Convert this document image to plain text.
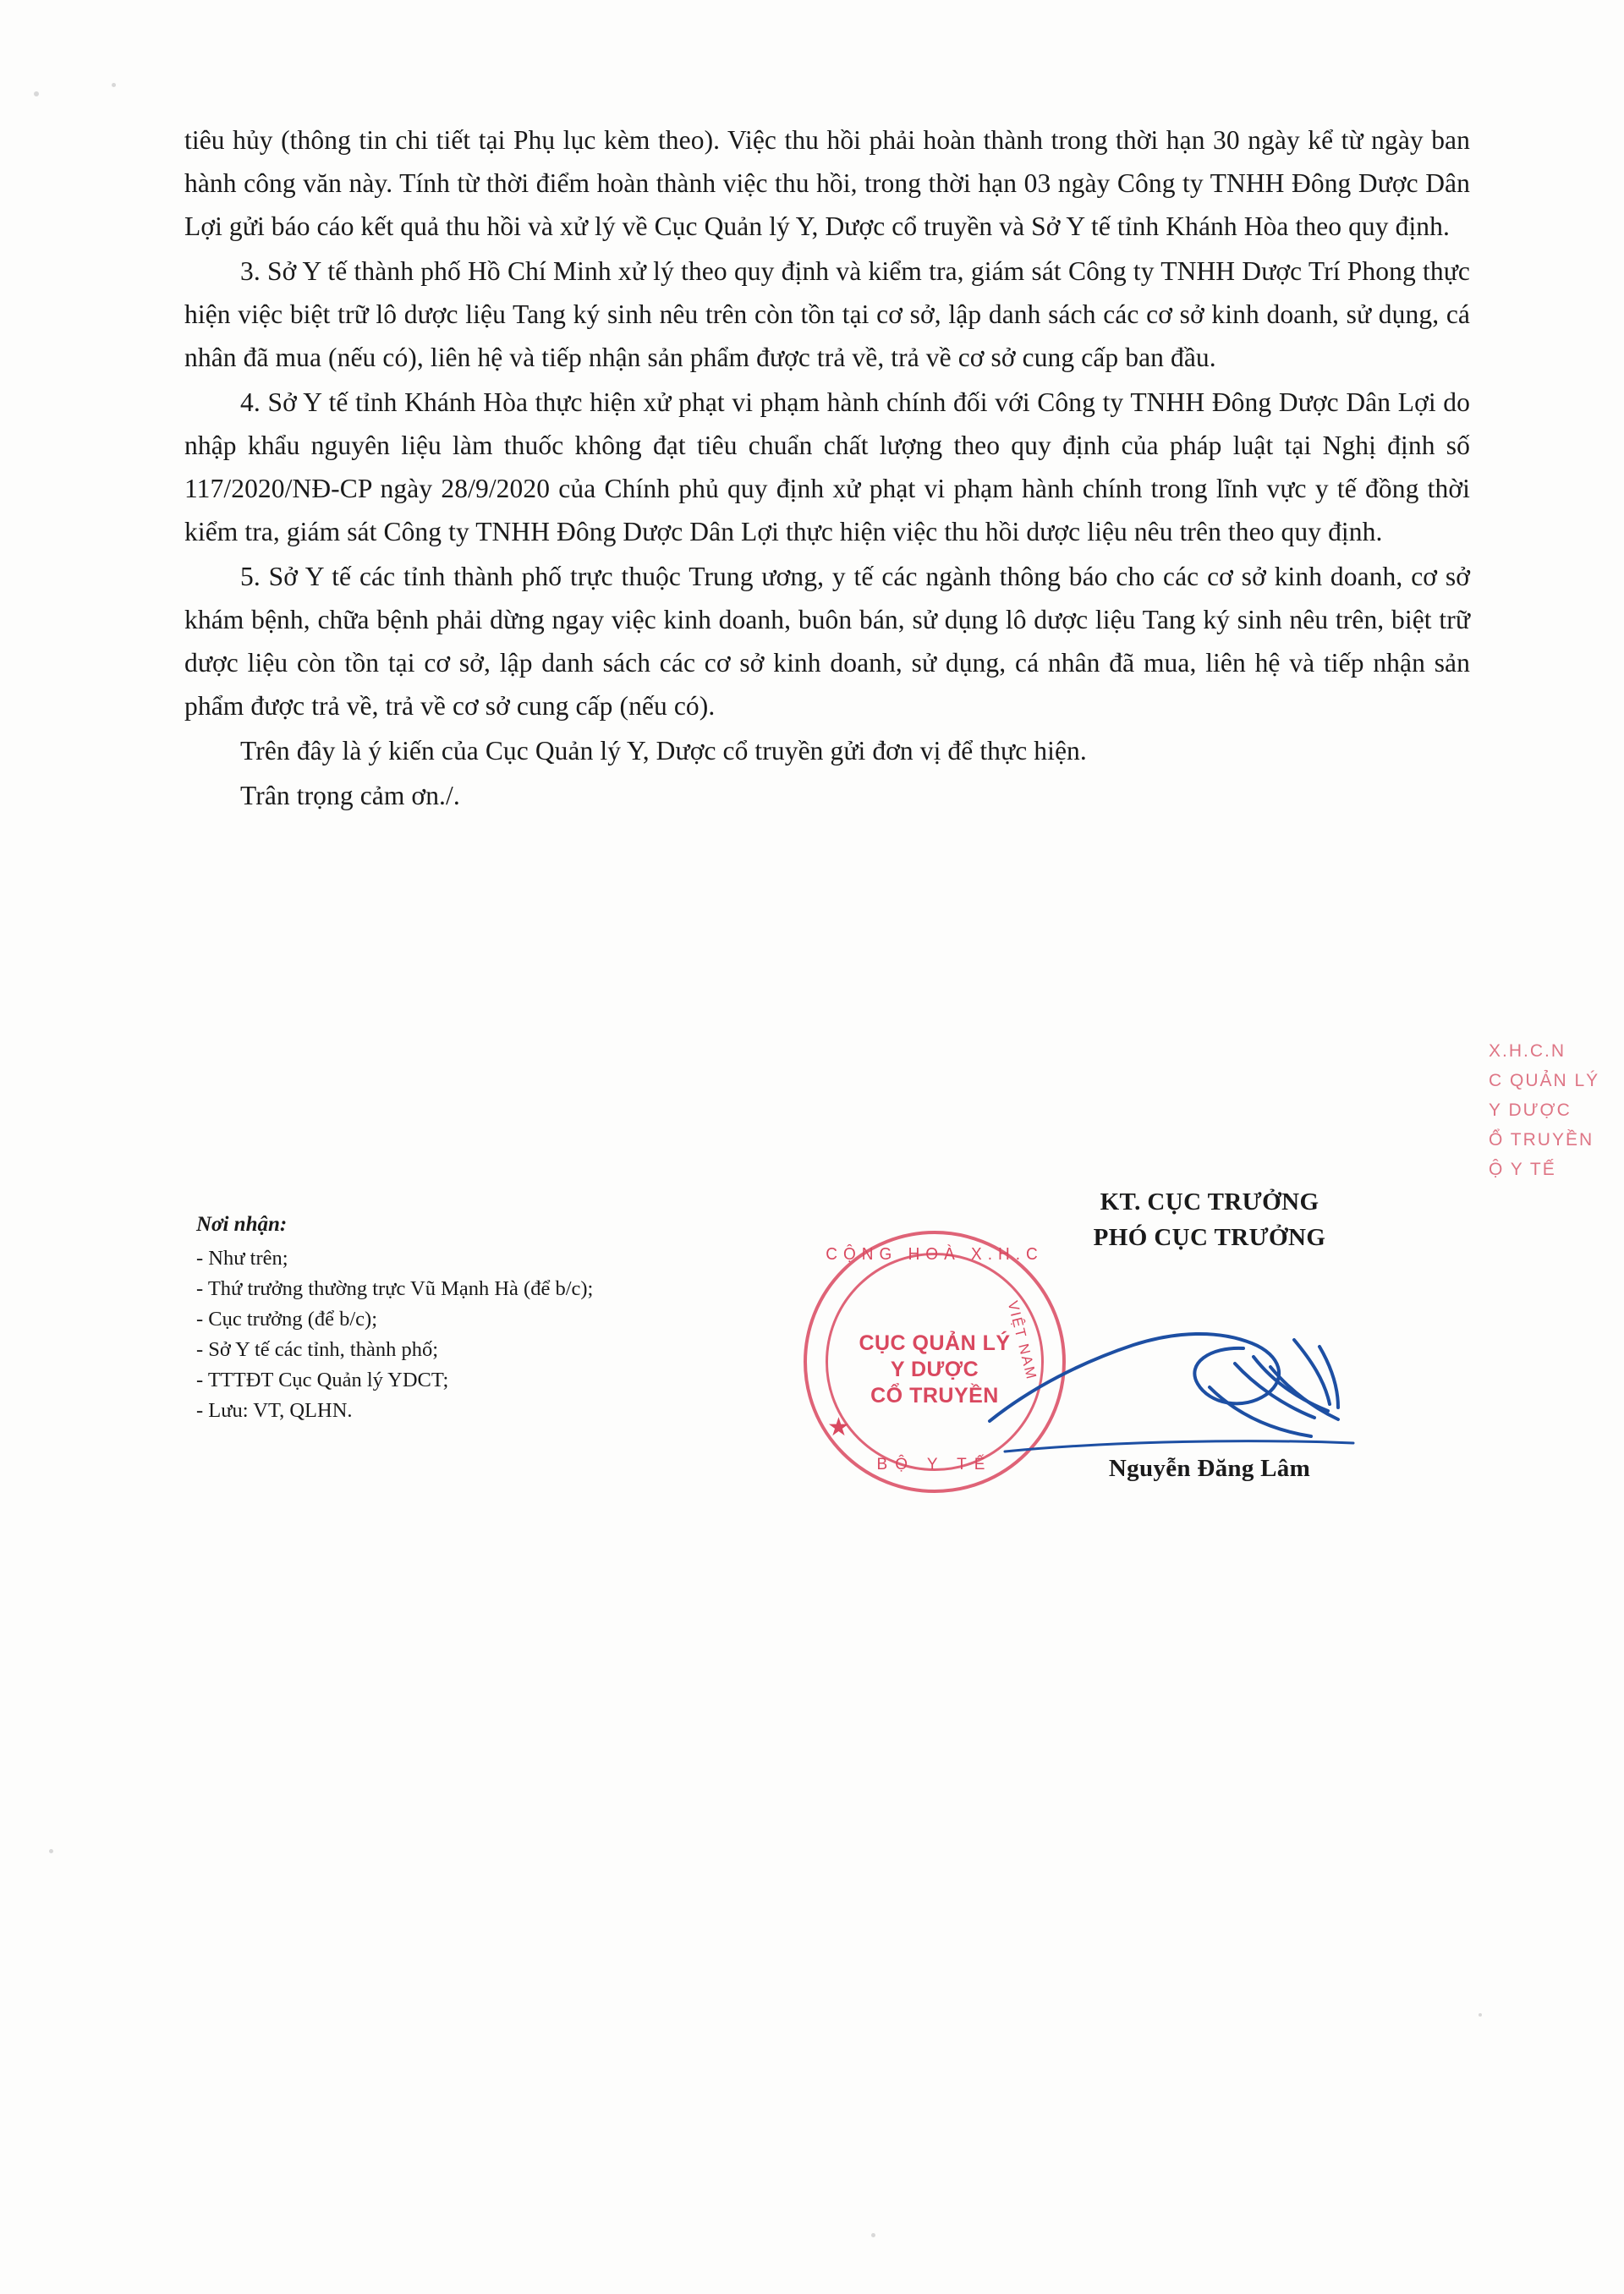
tiêu hủy (thông tin chi tiết tại Phụ lục kèm theo). Việc thu hồi phải hoàn thành trong thời hạn 30 ngày kể từ ngày ban hành công văn này. Tính từ thời điểm hoàn thành việc thu hồi, trong thời hạn 03 ngày Công ty TNHH Đông Dược Dân Lợi gửi báo cáo kết quả thu hồi và xử lý về Cục Quản lý Y, Dược cổ truyền và Sở Y tế tỉnh Khánh Hòa theo quy định.

3. Sở Y tế thành phố Hồ Chí Minh xử lý theo quy định và kiểm tra, giám sát Công ty TNHH Dược Trí Phong thực hiện việc biệt trữ lô dược liệu Tang ký sinh nêu trên còn tồn tại cơ sở, lập danh sách các cơ sở kinh doanh, sử dụng, cá nhân đã mua (nếu có), liên hệ và tiếp nhận sản phẩm được trả về, trả về cơ sở cung cấp ban đầu.

4. Sở Y tế tỉnh Khánh Hòa thực hiện xử phạt vi phạm hành chính đối với Công ty TNHH Đông Dược Dân Lợi do nhập khẩu nguyên liệu làm thuốc không đạt tiêu chuẩn chất lượng theo quy định của pháp luật tại Nghị định số 117/2020/NĐ-CP ngày 28/9/2020 của Chính phủ quy định xử phạt vi phạm hành chính trong lĩnh vực y tế đồng thời kiểm tra, giám sát Công ty TNHH Đông Dược Dân Lợi thực hiện việc thu hồi dược liệu nêu trên theo quy định.

5. Sở Y tế các tỉnh thành phố trực thuộc Trung ương, y tế các ngành thông báo cho các cơ sở kinh doanh, cơ sở khám bệnh, chữa bệnh phải dừng ngay việc kinh doanh, buôn bán, sử dụng lô dược liệu Tang ký sinh nêu trên, biệt trữ dược liệu còn tồn tại cơ sở, lập danh sách các cơ sở kinh doanh, sử dụng, cá nhân đã mua, liên hệ và tiếp nhận sản phẩm được trả về, trả về cơ sở cung cấp (nếu có).

Trên đây là ý kiến của Cục Quản lý Y, Dược cổ truyền gửi đơn vị để thực hiện.

Trân trọng cảm ơn./.

Nơi nhận:
- Như trên;
- Thứ trưởng thường trực Vũ Mạnh Hà (để b/c);
- Cục trưởng (để b/c);
- Sở Y tế các tỉnh, thành phố;
- TTTĐT Cục Quản lý YDCT;
- Lưu: VT, QLHN.
KT. CỤC TRƯỞNG
PHÓ CỤC TRƯỞNG
Nguyễn Đăng Lâm
CỘNG HOÀ X.H.C
CỤC QUẢN LÝ
Y DƯỢC
CỔ TRUYỀN
BỘ Y TẾ
VIỆT NAM
★
X.H.C.N
C QUẢN LÝ
Y DƯỢC
Ổ TRUYỀN
Ộ Y TẾ
